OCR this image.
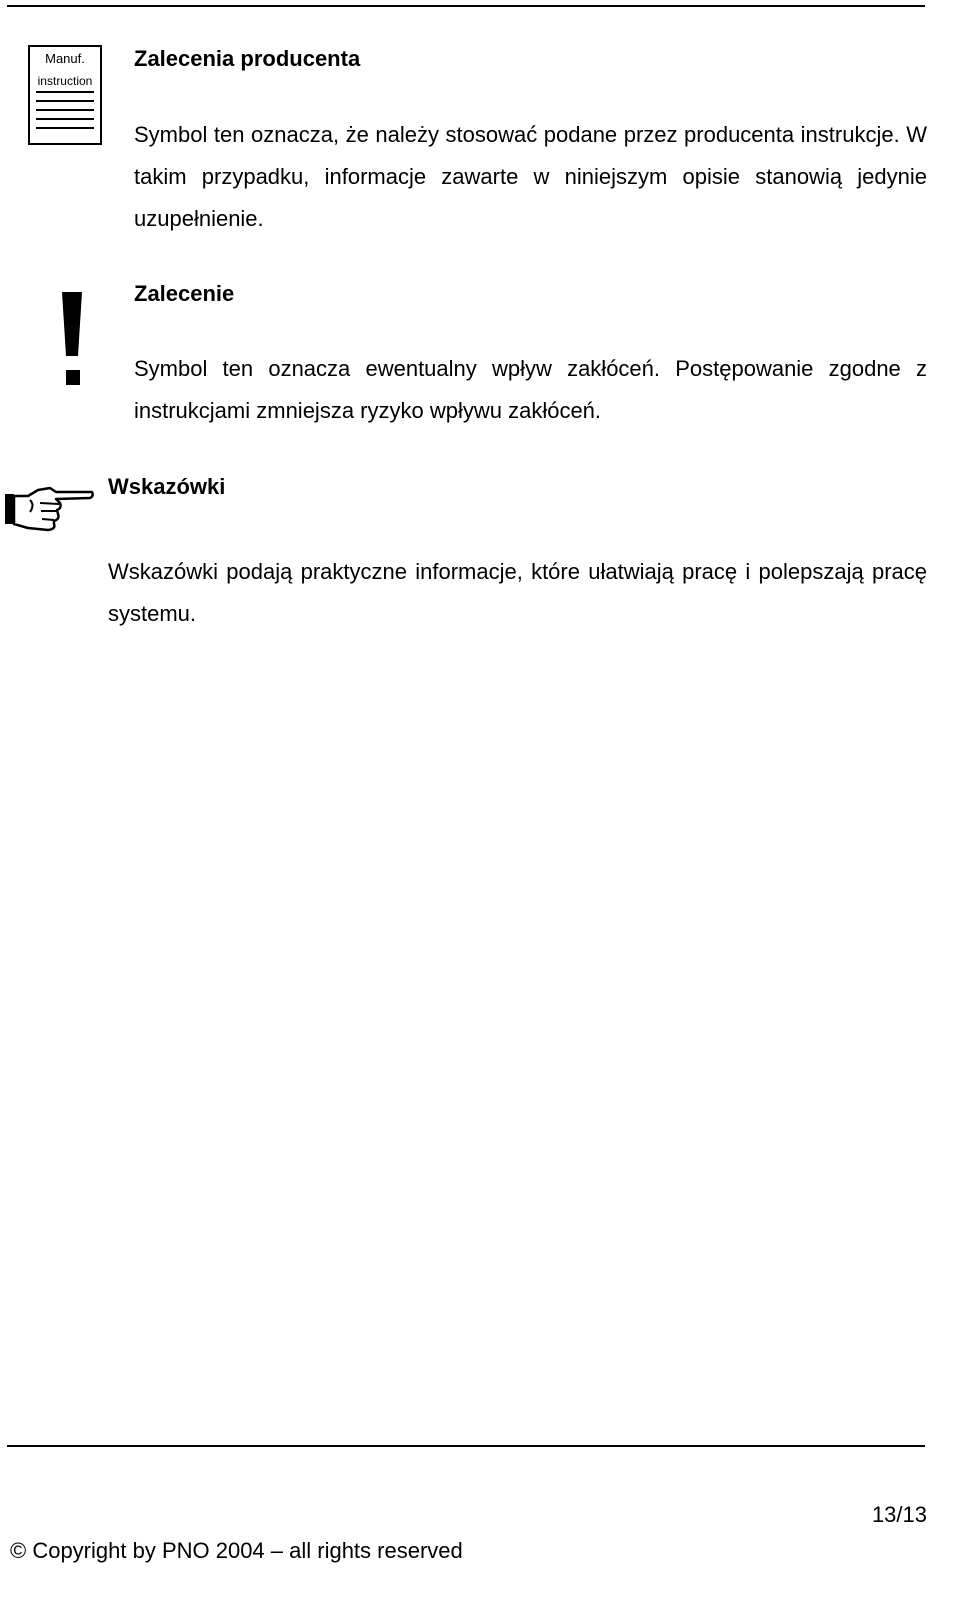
Manuf.
instruction
Zalecenia producenta

Symbol ten oznacza, że należy stosować podane przez producenta instrukcje. W takim przypadku, informacje zawarte w niniejszym opisie stanowią jedynie uzupełnienie.

Zalecenie

Symbol ten oznacza ewentualny wpływ zakłóceń. Postępowanie zgodne z instrukcjami zmniejsza ryzyko wpływu zakłóceń.

Wskazówki

Wskazówki podają praktyczne informacje, które ułatwiają pracę i polepszają pracę systemu.

13/13
© Copyright by PNO 2004 – all rights reserved
